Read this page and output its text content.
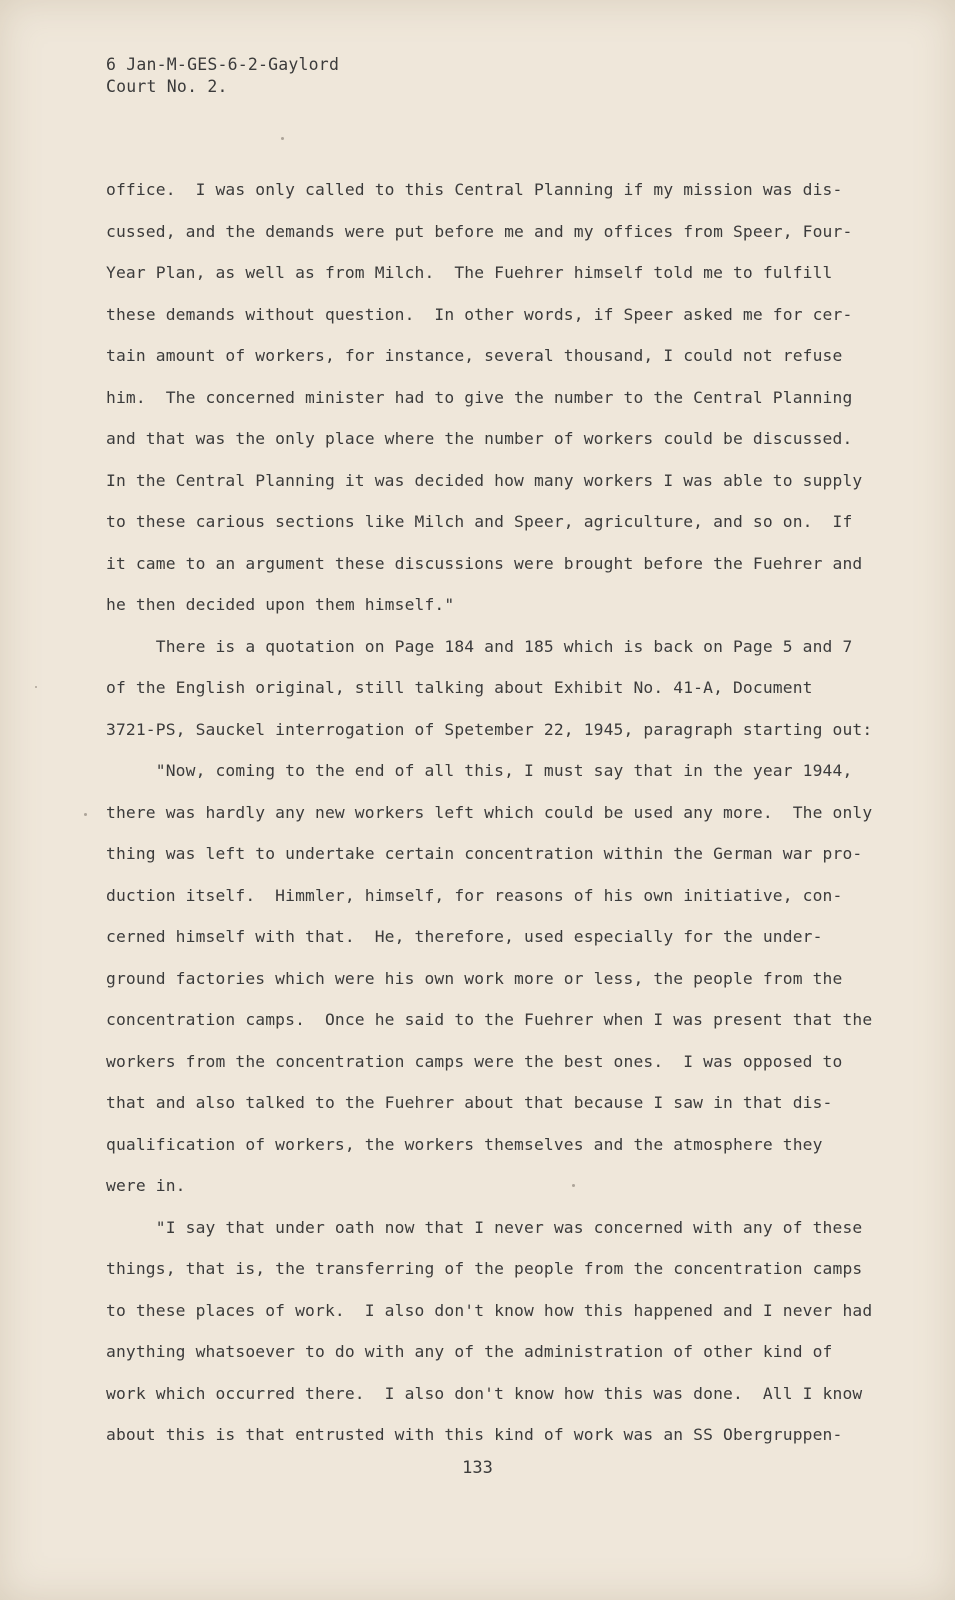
6 Jan-M-GES-6-2-Gaylord
Court No. 2.
office.  I was only called to this Central Planning if my mission was dis-
cussed, and the demands were put before me and my offices from Speer, Four-
Year Plan, as well as from Milch.  The Fuehrer himself told me to fulfill
these demands without question.  In other words, if Speer asked me for cer-
tain amount of workers, for instance, several thousand, I could not refuse
him.  The concerned minister had to give the number to the Central Planning
and that was the only place where the number of workers could be discussed.
In the Central Planning it was decided how many workers I was able to supply
to these carious sections like Milch and Speer, agriculture, and so on.  If
it came to an argument these discussions were brought before the Fuehrer and
he then decided upon them himself."
There is a quotation on Page 184 and 185 which is back on Page 5 and 7
of the English original, still talking about Exhibit No. 41-A, Document
3721-PS, Sauckel interrogation of Spetember 22, 1945, paragraph starting out:
"Now, coming to the end of all this, I must say that in the year 1944,
there was hardly any new workers left which could be used any more.  The only
thing was left to undertake certain concentration within the German war pro-
duction itself.  Himmler, himself, for reasons of his own initiative, con-
cerned himself with that.  He, therefore, used especially for the under-
ground factories which were his own work more or less, the people from the
concentration camps.  Once he said to the Fuehrer when I was present that the
workers from the concentration camps were the best ones.  I was opposed to
that and also talked to the Fuehrer about that because I saw in that dis-
qualification of workers, the workers themselves and the atmosphere they
were in.
"I say that under oath now that I never was concerned with any of these
things, that is, the transferring of the people from the concentration camps
to these places of work.  I also don't know how this happened and I never had
anything whatsoever to do with any of the administration of other kind of
work which occurred there.  I also don't know how this was done.  All I know
about this is that entrusted with this kind of work was an SS Obergruppen-
133
